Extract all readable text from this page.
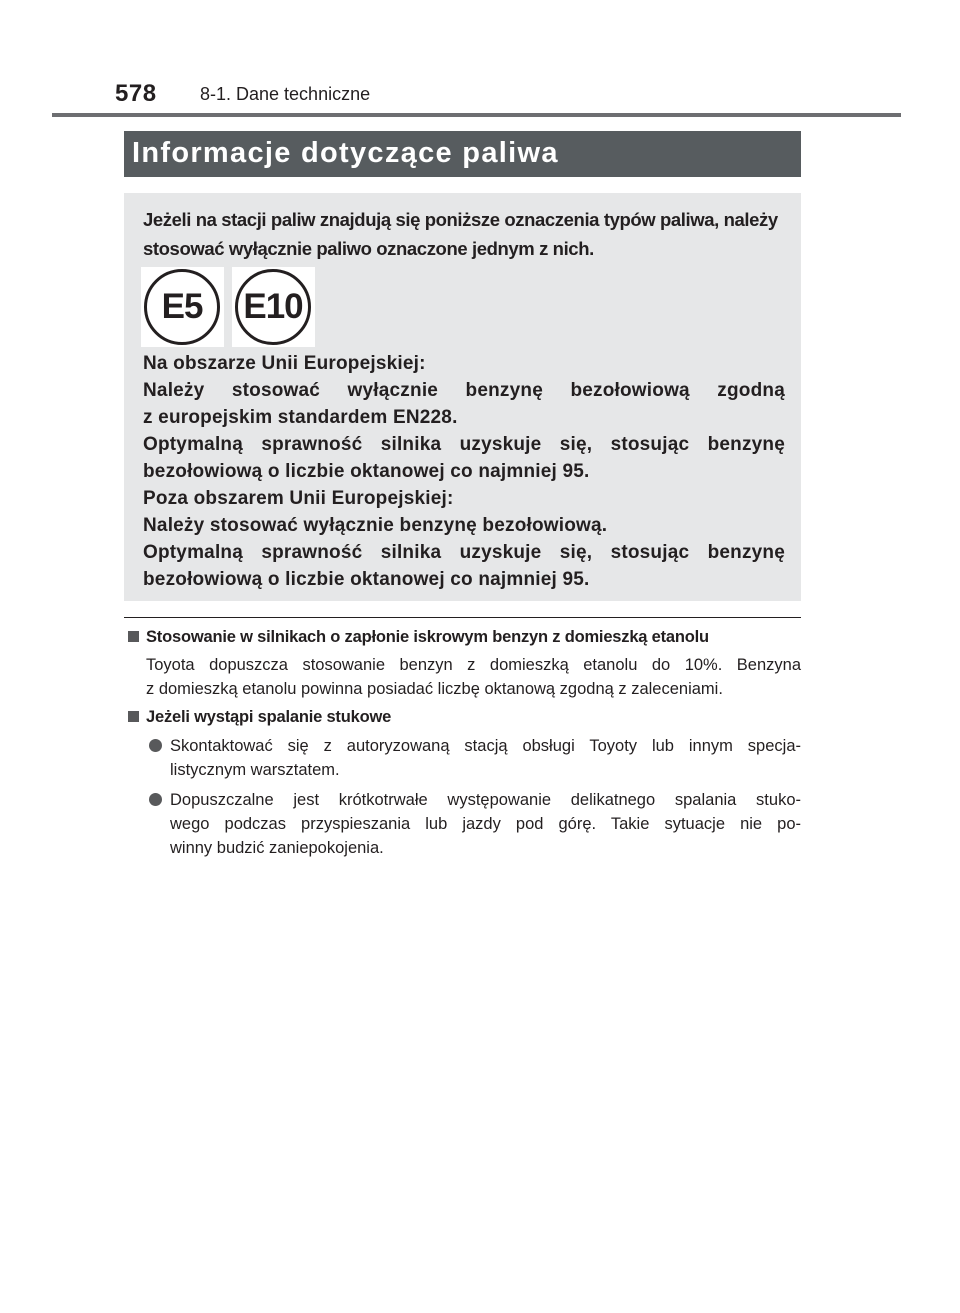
578 8-1. Dane techniczne
Informacje dotyczące paliwa

Jeżeli na stacji paliw znajdują się poniższe oznaczenia typów paliwa, należy stosować wyłącznie paliwo oznaczone jednym z nich.

E5	E10
Na obszarze Unii Europejskiej:
Należy stosować wyłącznie benzynę bezołowiową zgodną
z europejskim standardem EN228.
Optymalną sprawność silnika uzyskuje się, stosując benzynę
bezołowiową o liczbie oktanowej co najmniej 95.
Poza obszarem Unii Europejskiej:
Należy stosować wyłącznie benzynę bezołowiową.
Optymalną sprawność silnika uzyskuje się, stosując benzynę
bezołowiową o liczbie oktanowej co najmniej 95.
Stosowanie w silnikach o zapłonie iskrowym benzyn z domieszką etanolu
Toyota dopuszcza stosowanie benzyn z domieszką etanolu do 10%. Benzyna
z domieszką etanolu powinna posiadać liczbę oktanową zgodną z zaleceniami.
Jeżeli wystąpi spalanie stukowe
Skontaktować się z autoryzowaną stacją obsługi Toyoty lub innym specja-
listycznym warsztatem.
Dopuszczalne jest krótkotrwałe występowanie delikatnego spalania stuko-
wego podczas przyspieszania lub jazdy pod górę. Takie sytuacje nie po-
winny budzić zaniepokojenia.
